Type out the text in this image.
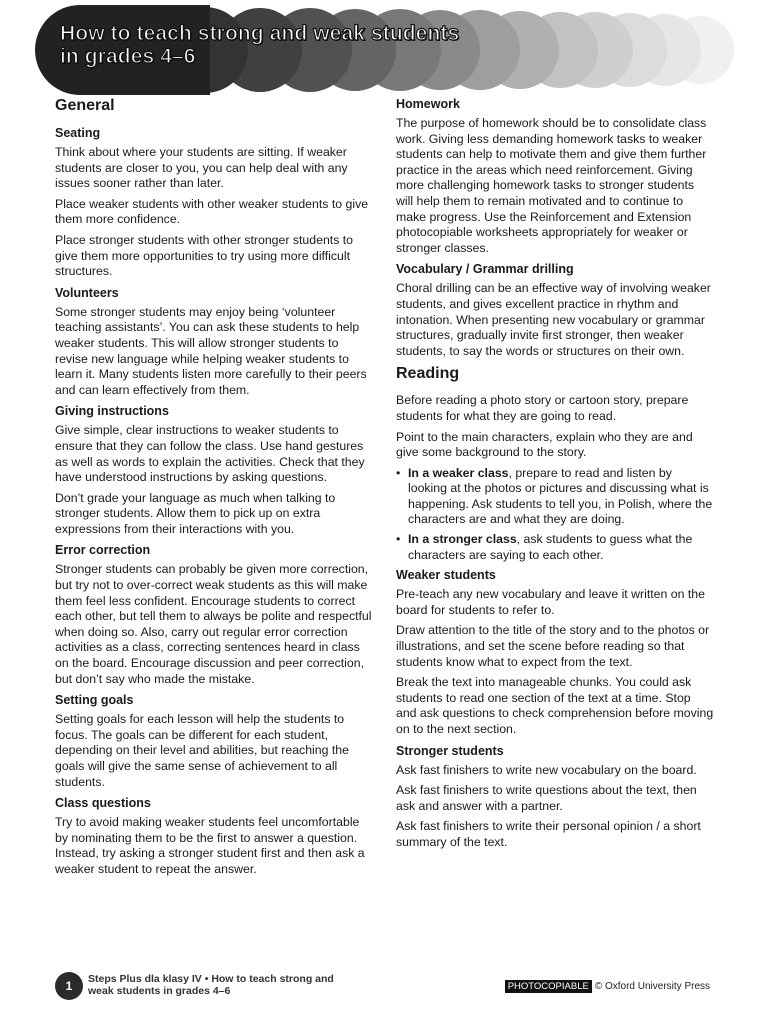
How to teach strong and weak students
in grades 4–6
General
Seating

Think about where your students are sitting. If weaker students are closer to you, you can help deal with any issues sooner rather than later.

Place weaker students with other weaker students to give them more confidence.

Place stronger students with other stronger students to give them more opportunities to try using more difficult structures.

Volunteers

Some stronger students may enjoy being ‘volunteer teaching assistants’. You can ask these students to help weaker students. This will allow stronger students to revise new language while helping weaker students to learn it. Many students listen more carefully to their peers and can learn effectively from them.

Giving instructions

Give simple, clear instructions to weaker students to ensure that they can follow the class. Use hand gestures as well as words to explain the activities. Check that they have understood instructions by asking questions.

Don’t grade your language as much when talking to stronger students. Allow them to pick up on extra expressions from their interactions with you.

Error correction

Stronger students can probably be given more correction, but try not to over-correct weak students as this will make them feel less confident. Encourage students to correct each other, but tell them to always be polite and respectful when doing so. Also, carry out regular error correction activities as a class, correcting sentences heard in class on the board. Encourage discussion and peer correction, but don’t say who made the mistake.

Setting goals

Setting goals for each lesson will help the students to focus. The goals can be different for each student, depending on their level and abilities, but reaching the goals will give the same sense of achievement to all students.

Class questions

Try to avoid making weaker students feel uncomfortable by nominating them to be the first to answer a question. Instead, try asking a stronger student first and then ask a weaker student to repeat the answer.

Homework

The purpose of homework should be to consolidate class work. Giving less demanding homework tasks to weaker students can help to motivate them and give them further practice in the areas which need reinforcement. Giving more challenging homework tasks to stronger students will help them to remain motivated and to continue to make progress. Use the Reinforcement and Extension photocopiable worksheets appropriately for weaker or stronger classes.

Vocabulary / Grammar drilling

Choral drilling can be an effective way of involving weaker students, and gives excellent practice in rhythm and intonation. When presenting new vocabulary or grammar structures, gradually invite first stronger, then weaker students, to say the words or structures on their own.

Reading

Before reading a photo story or cartoon story, prepare students for what they are going to read.

Point to the main characters, explain who they are and give some background to the story.

• In a weaker class, prepare to read and listen by looking at the photos or pictures and discussing what is happening. Ask students to tell you, in Polish, where the characters are and what they are doing.
• In a stronger class, ask students to guess what the characters are saying to each other.
Weaker students

Pre-teach any new vocabulary and leave it written on the board for students to refer to.

Draw attention to the title of the story and to the photos or illustrations, and set the scene before reading so that students know what to expect from the text.

Break the text into manageable chunks. You could ask students to read one section of the text at a time. Stop and ask questions to check comprehension before moving on to the next section.

Stronger students

Ask fast finishers to write new vocabulary on the board.

Ask fast finishers to write questions about the text, then ask and answer with a partner.

Ask fast finishers to write their personal opinion / a short summary of the text.

1	Steps Plus dla klasy IV • How to teach strong and
weak students in grades 4–6	PHOTOCOPIABLE © Oxford University Press
